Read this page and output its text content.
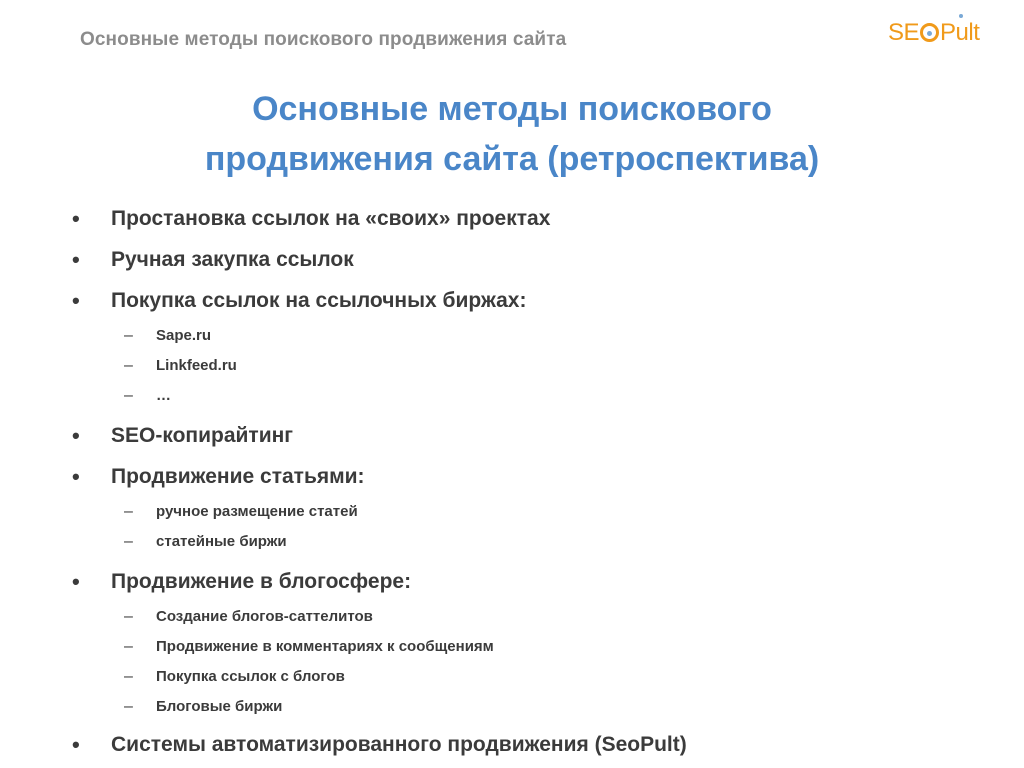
Основные методы поискового продвижения сайта	SE Pult
Основные методы поискового
продвижения сайта (ретроспектива)
• Простановка ссылок на «своих» проектах
• Ручная закупка ссылок
• Покупка ссылок на ссылочных биржах:
– Sape.ru
– Linkfeed.ru
– …
• SEO-копирайтинг
• Продвижение статьями:
– ручное размещение статей
– статейные биржи
• Продвижение в блогосфере:
– Создание блогов-саттелитов
– Продвижение в комментариях к сообщениям
– Покупка ссылок с блогов
– Блоговые биржи
• Системы автоматизированного продвижения (SeoPult)
